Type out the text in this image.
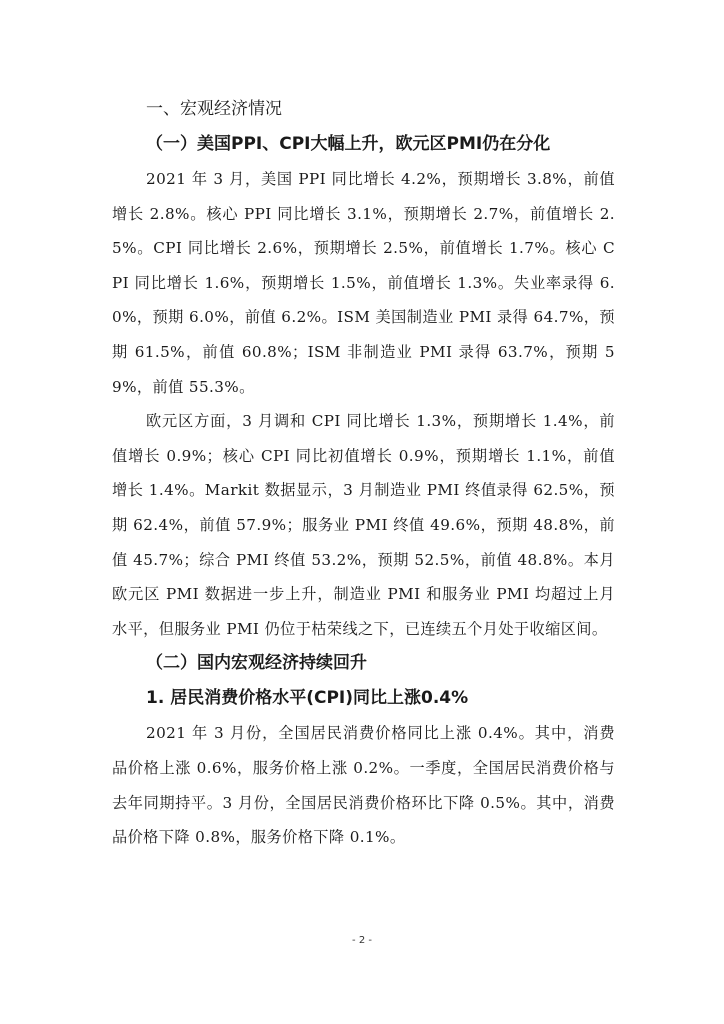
一、宏观经济情况
（一）美国PPI、CPI大幅上升，欧元区PMI仍在分化

2021 年 3 月，美国 PPI 同比增长 4.2%，预期增长 3.8%，前值增长 2.8%。核心 PPI 同比增长 3.1%，预期增长 2.7%，前值增长 2.5%。CPI 同比增长 2.6%，预期增长 2.5%，前值增长 1.7%。核心 CPI 同比增长 1.6%，预期增长 1.5%，前值增长 1.3%。失业率录得 6.0%，预期 6.0%，前值 6.2%。ISM 美国制造业 PMI 录得 64.7%，预期 61.5%，前值 60.8%；ISM 非制造业 PMI 录得 63.7%，预期 59%，前值 55.3%。

欧元区方面，3 月调和 CPI 同比增长 1.3%，预期增长 1.4%，前值增长 0.9%；核心 CPI 同比初值增长 0.9%，预期增长 1.1%，前值增长 1.4%。Markit 数据显示，3 月制造业 PMI 终值录得 62.5%，预期 62.4%，前值 57.9%；服务业 PMI 终值 49.6%，预期 48.8%，前值 45.7%；综合 PMI 终值 53.2%，预期 52.5%，前值 48.8%。本月欧元区 PMI 数据进一步上升，制造业 PMI 和服务业 PMI 均超过上月水平，但服务业 PMI 仍位于枯荣线之下，已连续五个月处于收缩区间。

（二）国内宏观经济持续回升
1. 居民消费价格水平(CPI)同比上涨0.4%

2021 年 3 月份，全国居民消费价格同比上涨 0.4%。其中，消费品价格上涨 0.6%，服务价格上涨 0.2%。一季度，全国居民消费价格与去年同期持平。3 月份，全国居民消费价格环比下降 0.5%。其中，消费品价格下降 0.8%，服务价格下降 0.1%。

- 2 -
